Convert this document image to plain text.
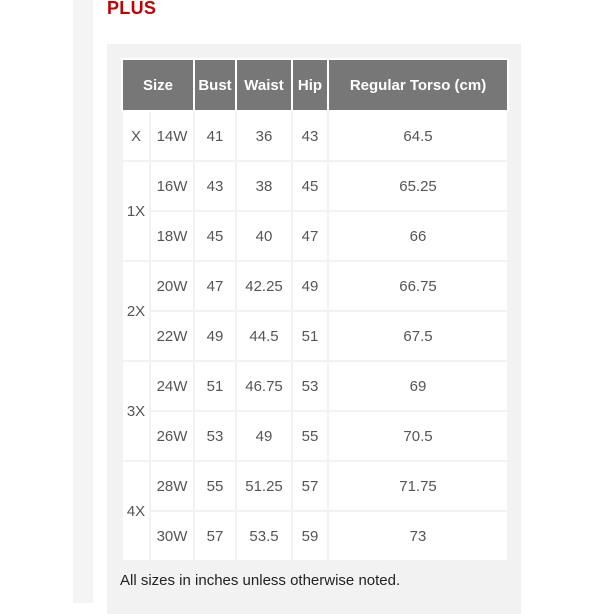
PLUS
Size		Bust	Waist	Hip	Regular Torso (cm)
X	14W	41	36	43	64.5
1X	16W	43	38	45	65.25
	18W	45	40	47	66
2X	20W	47	42.25	49	66.75
	22W	49	44.5	51	67.5
3X	24W	51	46.75	53	69
	26W	53	49	55	70.5
4X	28W	55	51.25	57	71.75
	30W	57	53.5	59	73
All sizes in inches unless otherwise noted.
